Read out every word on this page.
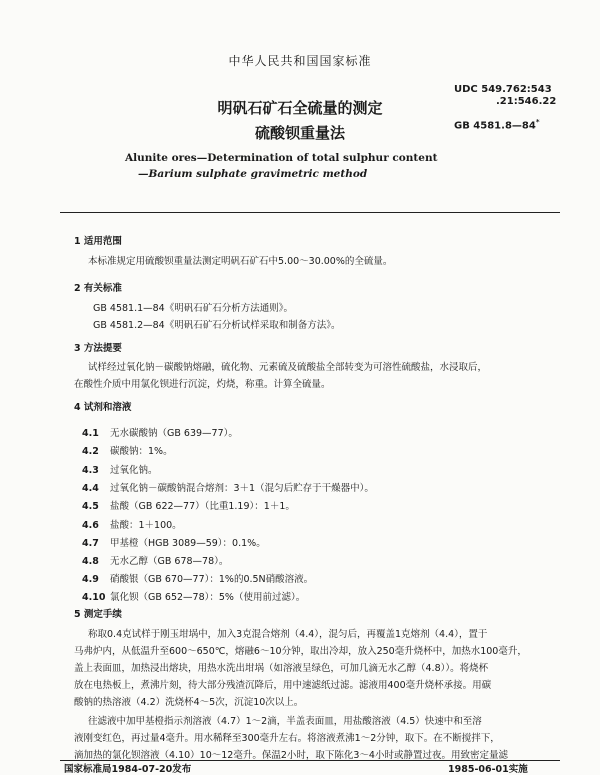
中华人民共和国国家标准
UDC 549.762:543
.21:546.22
GB 4581.8—84*
明矾石矿石全硫量的测定
硫酸钡重量法
Alunite ores—Determination of total sulphur content
—Barium sulphate gravimetric method
1 适用范围
本标准规定用硫酸钡重量法测定明矾石矿石中5.00～30.00%的全硫量。
2 有关标准
GB 4581.1—84《明矾石矿石分析方法通则》。
GB 4581.2—84《明矾石矿石分析试样采取和制备方法》。
3 方法提要
试样经过氧化钠－碳酸钠熔融，硫化物、元素硫及硫酸盐全部转变为可溶性硫酸盐，水浸取后，
在酸性介质中用氯化钡进行沉淀，灼烧，称重。计算全硫量。
4 试剂和溶液
4.1 无水碳酸钠（GB 639—77）。
4.2 碳酸钠：1%。
4.3 过氧化钠。
4.4 过氧化钠－碳酸钠混合熔剂：3＋1（混匀后贮存于干燥器中）。
4.5 盐酸（GB 622—77）（比重1.19）：1＋1。
4.6 盐酸：1＋100。
4.7 甲基橙（HGB 3089—59）：0.1%。
4.8 无水乙醇（GB 678—78）。
4.9 硝酸银（GB 670—77）：1%的0.5N硝酸溶液。
4.10 氯化钡（GB 652—78）：5%（使用前过滤）。
5 测定手续
称取0.4克试样于刚玉坩埚中，加入3克混合熔剂（4.4），混匀后，再覆盖1克熔剂（4.4），置于
马弗炉内，从低温升至600～650℃，熔融6～10分钟，取出冷却，放入250毫升烧杯中，加热水100毫升，
盖上表面皿，加热浸出熔块，用热水洗出坩埚（如溶液呈绿色，可加几滴无水乙醇（4.8））。将烧杯
放在电热板上，煮沸片刻，待大部分残渣沉降后，用中速滤纸过滤。滤液用400毫升烧杯承接。用碳
酸钠的热溶液（4.2）洗烧杯4～5次，沉淀10次以上。
往滤液中加甲基橙指示剂溶液（4.7）1～2滴，半盖表面皿，用盐酸溶液（4.5）快速中和至溶
液刚变红色，再过量4毫升。用水稀释至300毫升左右。将溶液煮沸1～2分钟，取下。在不断搅拌下，
滴加热的氯化钡溶液（4.10）10～12毫升。保温2小时，取下陈化3～4小时或静置过夜。用致密定量滤
国家标准局1984-07-20发布	1985-06-01实施
